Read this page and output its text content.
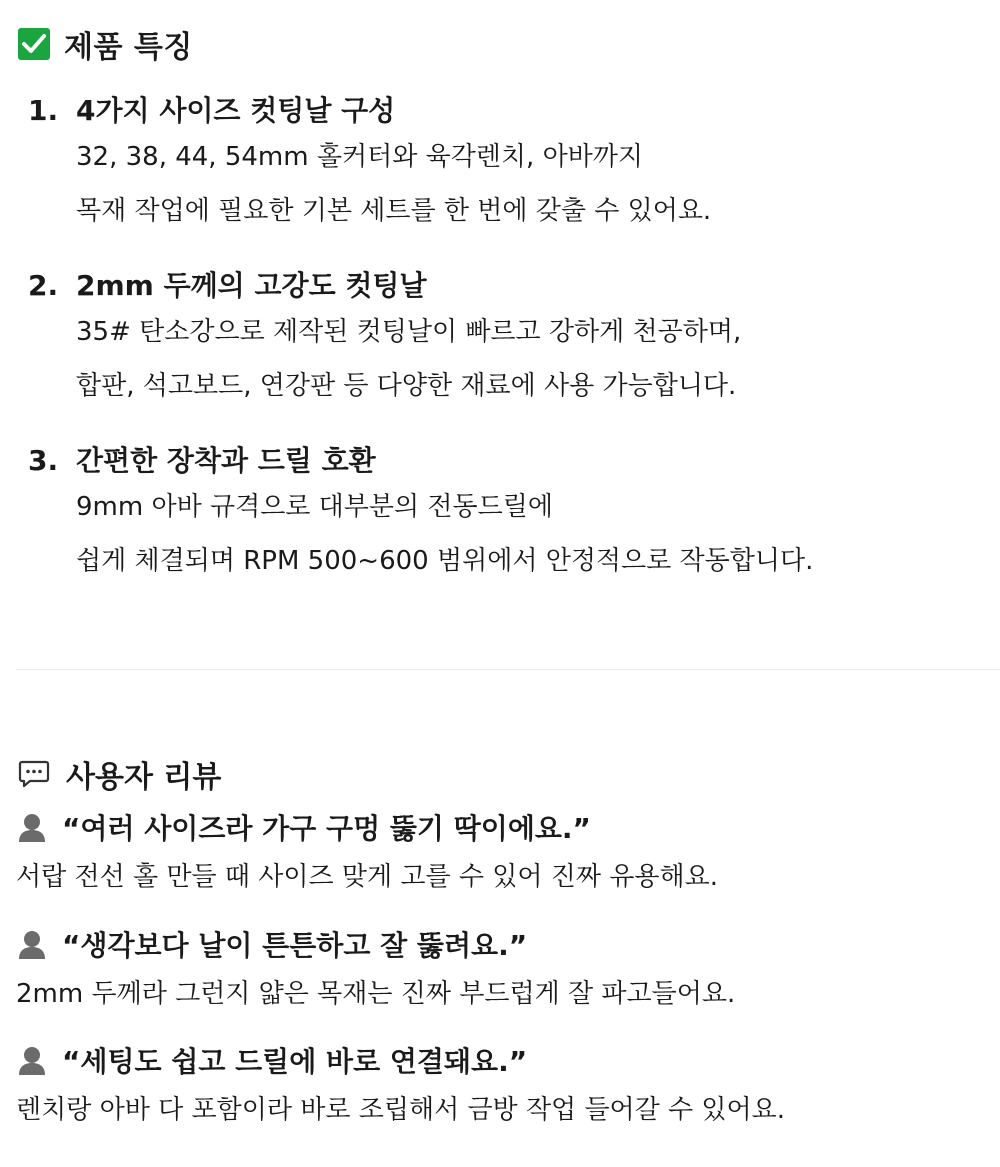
제품 특징
1. 4가지 사이즈 컷팅날 구성
32, 38, 44, 54mm 홀커터와 육각렌치, 아바까지
목재 작업에 필요한 기본 세트를 한 번에 갖출 수 있어요.
2. 2mm 두께의 고강도 컷팅날
35# 탄소강으로 제작된 컷팅날이 빠르고 강하게 천공하며,
합판, 석고보드, 연강판 등 다양한 재료에 사용 가능합니다.
3. 간편한 장착과 드릴 호환
9mm 아바 규격으로 대부분의 전동드릴에
쉽게 체결되며 RPM 500~600 범위에서 안정적으로 작동합니다.
사용자 리뷰
“여러 사이즈라 가구 구멍 뚫기 딱이에요.”
서랍 전선 홀 만들 때 사이즈 맞게 고를 수 있어 진짜 유용해요.
“생각보다 날이 튼튼하고 잘 뚫려요.”
2mm 두께라 그런지 얇은 목재는 진짜 부드럽게 잘 파고들어요.
“세팅도 쉽고 드릴에 바로 연결돼요.”
렌치랑 아바 다 포함이라 바로 조립해서 금방 작업 들어갈 수 있어요.
